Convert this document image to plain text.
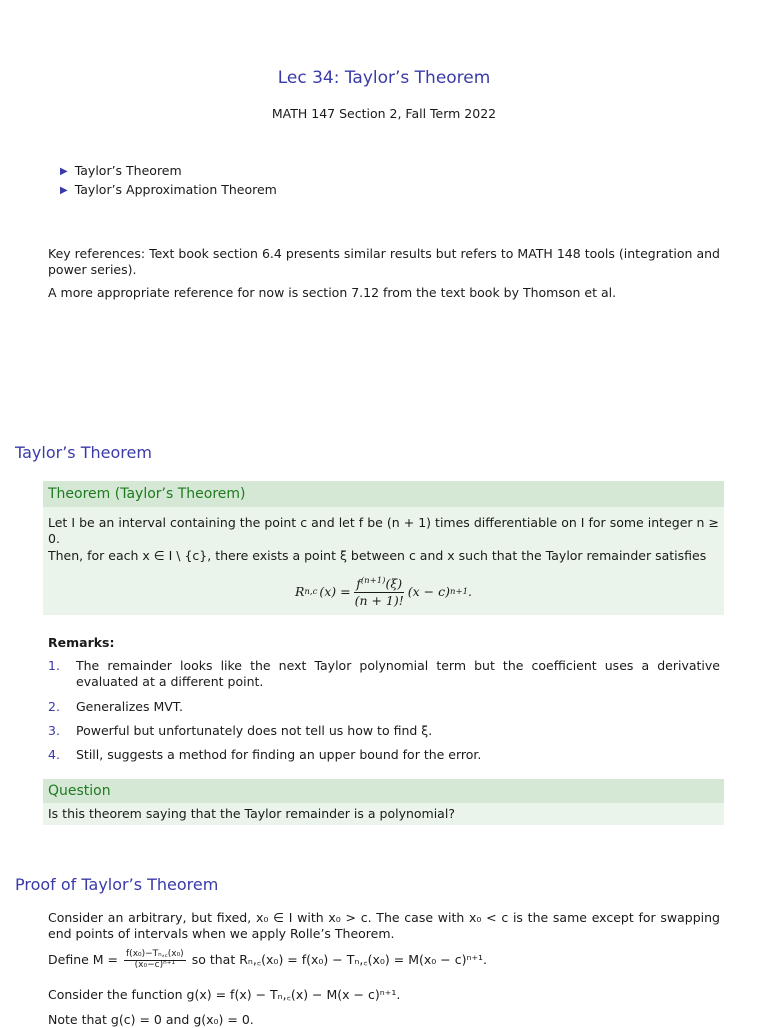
Lec 34: Taylor’s Theorem
MATH 147 Section 2, Fall Term 2022
▶ Taylor’s Theorem
▶ Taylor’s Approximation Theorem

Key references: Text book section 6.4 presents similar results but refers to MATH 148 tools (integration and power series).

A more appropriate reference for now is section 7.12 from the text book by Thomson et al.

Taylor’s Theorem
Theorem (Taylor’s Theorem)

Let I be an interval containing the point c and let f be (n + 1) times differentiable on I for some integer n ≥ 0.

Then, for each x ∈ I \ {c}, there exists a point ξ between c and x such that the Taylor remainder satisfies

R n,c $(x) = \frac{f^{(n+1)}(\xi)}{(n + 1)!} (x - c)$ n+1 .
Remarks:
1.	The remainder looks like the next Taylor polynomial term but the coefficient uses a derivative evaluated at a different point.
2.	Generalizes MVT.
3.	Powerful but unfortunately does not tell us how to find ξ.
4.	Still, suggests a method for finding an upper bound for the error.
Question
Is this theorem saying that the Taylor remainder is a polynomial?
Proof of Taylor’s Theorem

Consider an arbitrary, but fixed, x₀ ∈ I with x₀ > c. The case with x₀ < c is the same except for swapping end points of intervals when we apply Rolle’s Theorem.

Define $M = \frac{\text{f(x₀)−Tₙ,꜀(x₀)}}{\text{(x₀−c)ⁿ⁺¹}}$ so that Rₙ,꜀(x₀) = f(x₀) − Tₙ,꜀(x₀) = M(x₀ − c)ⁿ⁺¹.

Consider the function g(x) = f(x) − Tₙ,꜀(x) − M(x − c)ⁿ⁺¹.

Note that g(c) = 0 and g(x₀) = 0.
